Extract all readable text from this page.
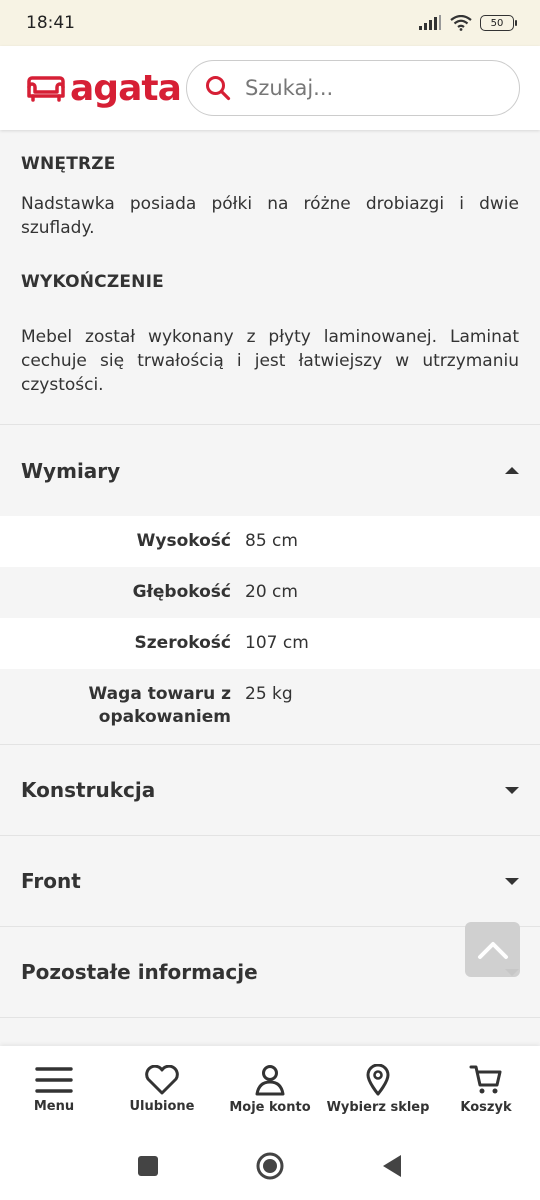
18:41	50
agata
Szukaj...
WNĘTRZE

Nadstawka posiada półki na różne drobiazgi i dwie szuflady.

WYKOŃCZENIE

Mebel został wykonany z płyty laminowanej. Laminat cechuje się trwałością i jest łatwiejszy w utrzymaniu czystości.

Wymiary
Wysokość 85 cm
Głębokość 20 cm
Szerokość 107 cm
Waga towaru z opakowaniem
25 kg
Konstrukcja
Front
Pozostałe informacje
Menu	Ulubione	Moje konto Wybierz sklep Koszyk
